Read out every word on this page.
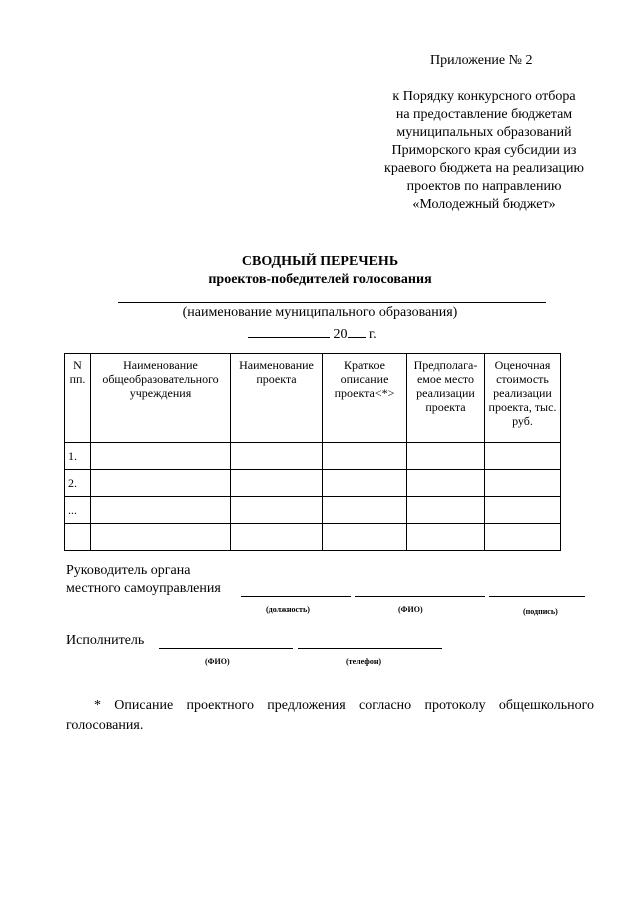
Приложение № 2
к Порядку конкурсного отбора
на предоставление бюджетам
муниципальных образований
Приморского края субсидии из
краевого бюджета на реализацию
проектов по направлению
«Молодежный бюджет»
СВОДНЫЙ ПЕРЕЧЕНЬ
проектов-победителей голосования
(наименование муниципального образования)
20 г.
N пп.	Наименование общеобразовательного учреждения	Наименование проекта	Краткое описание проекта<*>	Предполага-емое место реализации проекта	Оценочная стоимость реализации проекта, тыс. руб.
1.					
2.					
...					

Руководитель органа
местного самоуправления
(должность)	(ФИО)	(подпись)
Исполнитель
(ФИО)	(телефон)
* Описание проектного предложения согласно протоколу общешкольного голосования.
